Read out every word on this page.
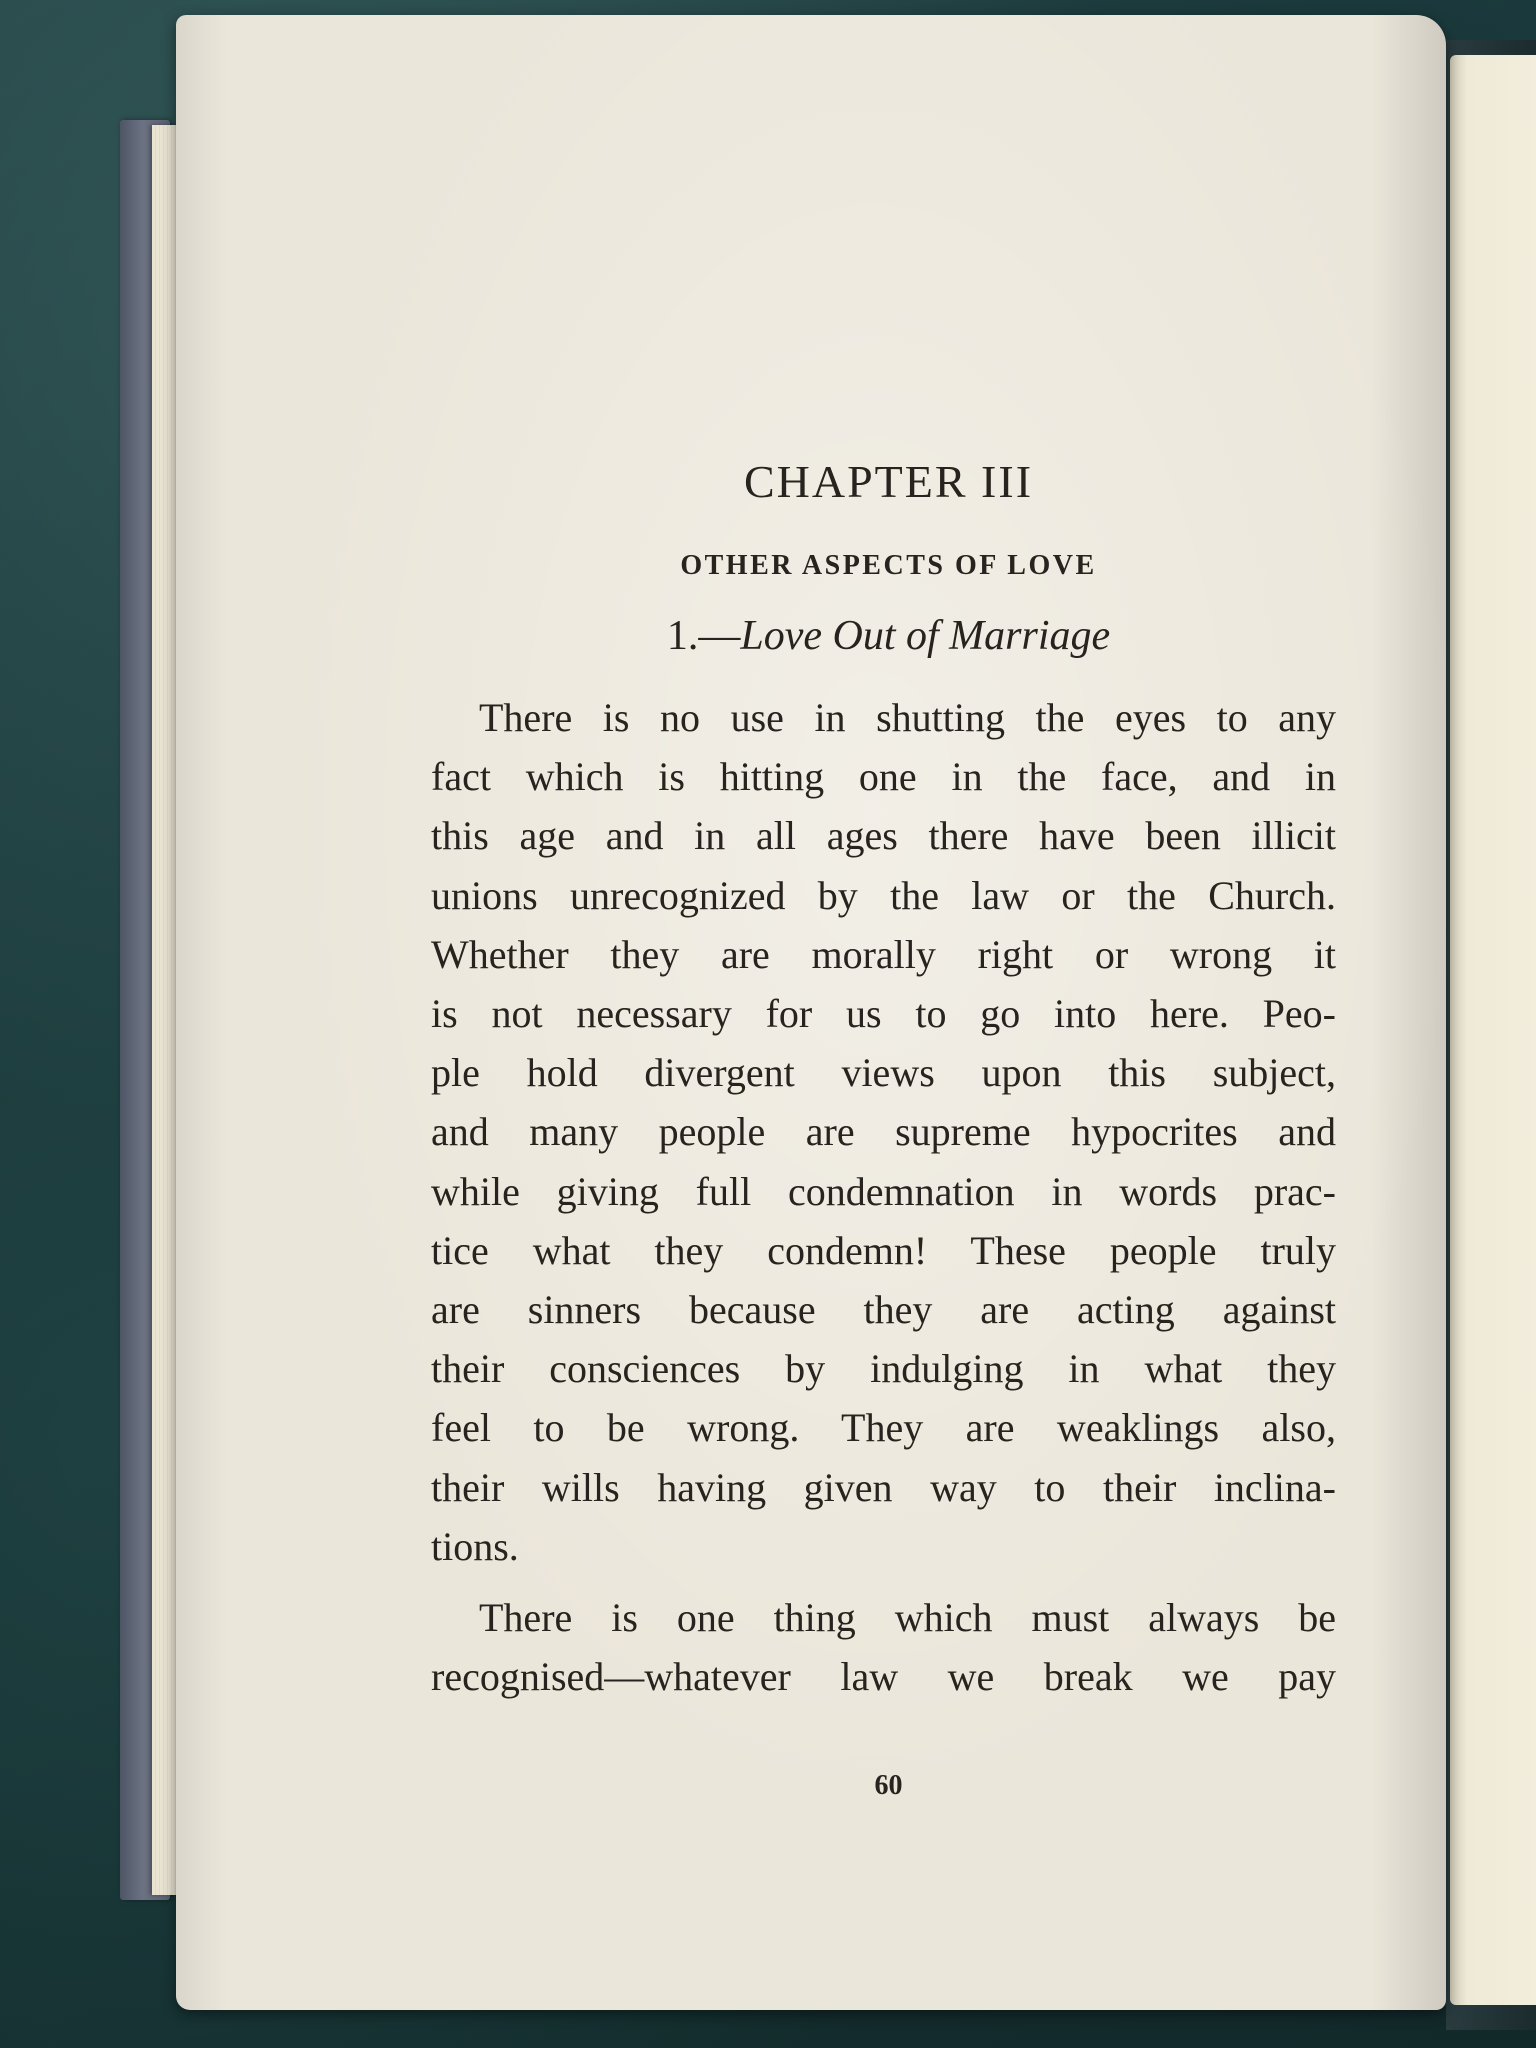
CHAPTER III
OTHER ASPECTS OF LOVE
1.—Love Out of Marriage
There is no use in shutting the eyes to any
fact which is hitting one in the face, and in
this age and in all ages there have been illicit
unions unrecognized by the law or the Church.
Whether they are morally right or wrong it
is not necessary for us to go into here. Peo-
ple hold divergent views upon this subject,
and many people are supreme hypocrites and
while giving full condemnation in words prac-
tice what they condemn! These people truly
are sinners because they are acting against
their consciences by indulging in what they
feel to be wrong. They are weaklings also,
their wills having given way to their inclina-
tions.
There is one thing which must always be
recognised—whatever law we break we pay
60
